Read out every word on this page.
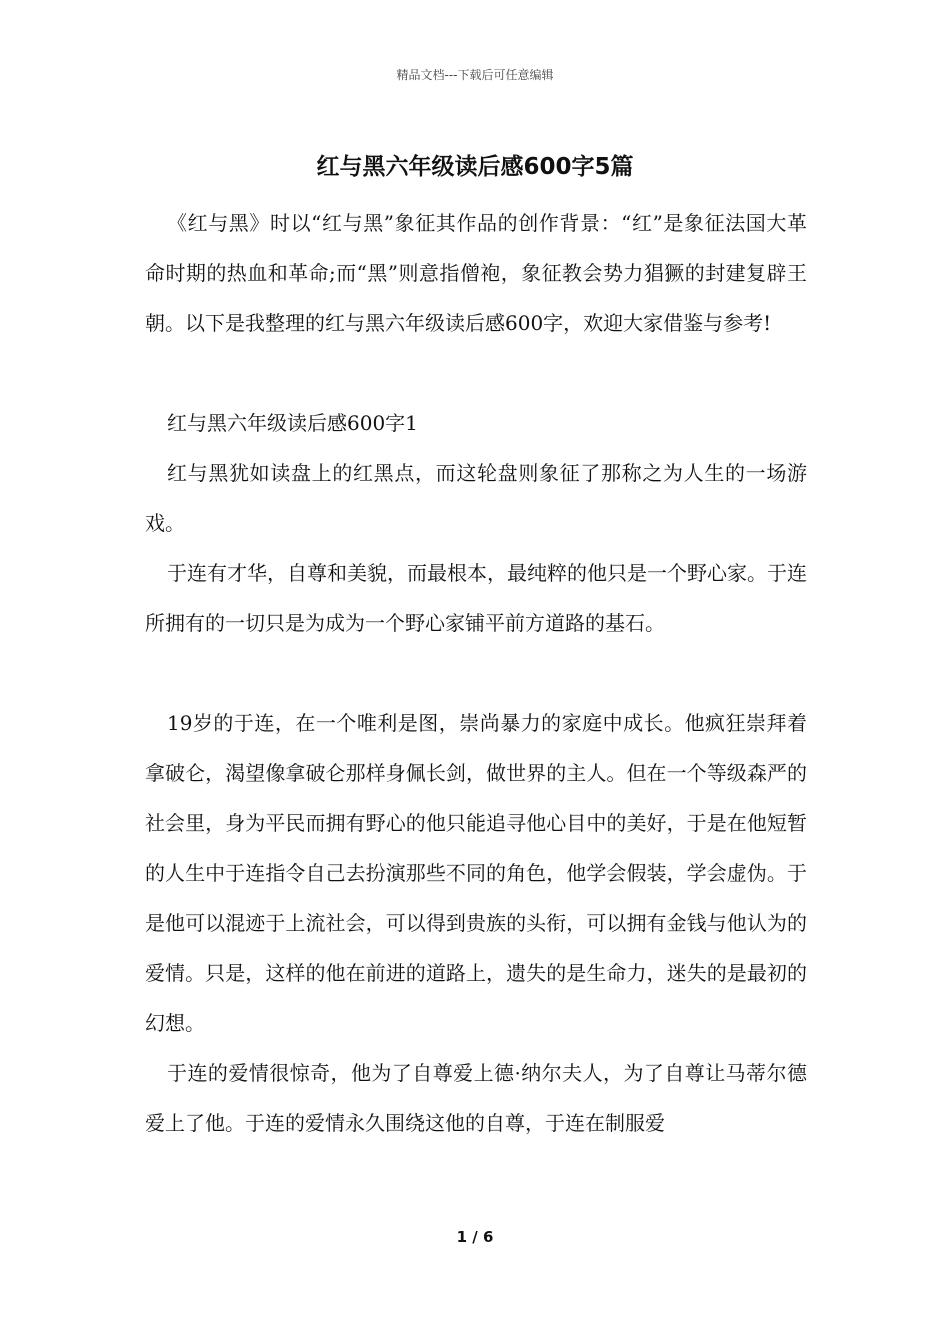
精品文档---下载后可任意编辑
红与黑六年级读后感600字5篇

《红与黑》时以“红与黑”象征其作品的创作背景：“红”是象征法国大革命时期的热血和革命;而“黑”则意指僧袍，象征教会势力猖獗的封建复辟王朝。以下是我整理的红与黑六年级读后感600字，欢迎大家借鉴与参考!

红与黑六年级读后感600字1

红与黑犹如读盘上的红黑点，而这轮盘则象征了那称之为人生的一场游戏。

于连有才华，自尊和美貌，而最根本，最纯粹的他只是一个野心家。于连所拥有的一切只是为成为一个野心家铺平前方道路的基石。

19岁的于连，在一个唯利是图，崇尚暴力的家庭中成长。他疯狂崇拜着拿破仑，渴望像拿破仑那样身佩长剑，做世界的主人。但在一个等级森严的社会里，身为平民而拥有野心的他只能追寻他心目中的美好，于是在他短暂的人生中于连指令自己去扮演那些不同的角色，他学会假装，学会虚伪。于是他可以混迹于上流社会，可以得到贵族的头衔，可以拥有金钱与他认为的爱情。只是，这样的他在前进的道路上，遗失的是生命力，迷失的是最初的幻想。

于连的爱情很惊奇，他为了自尊爱上德·纳尔夫人，为了自尊让马蒂尔德爱上了他。于连的爱情永久围绕这他的自尊，于连在制服爱

1 / 6
